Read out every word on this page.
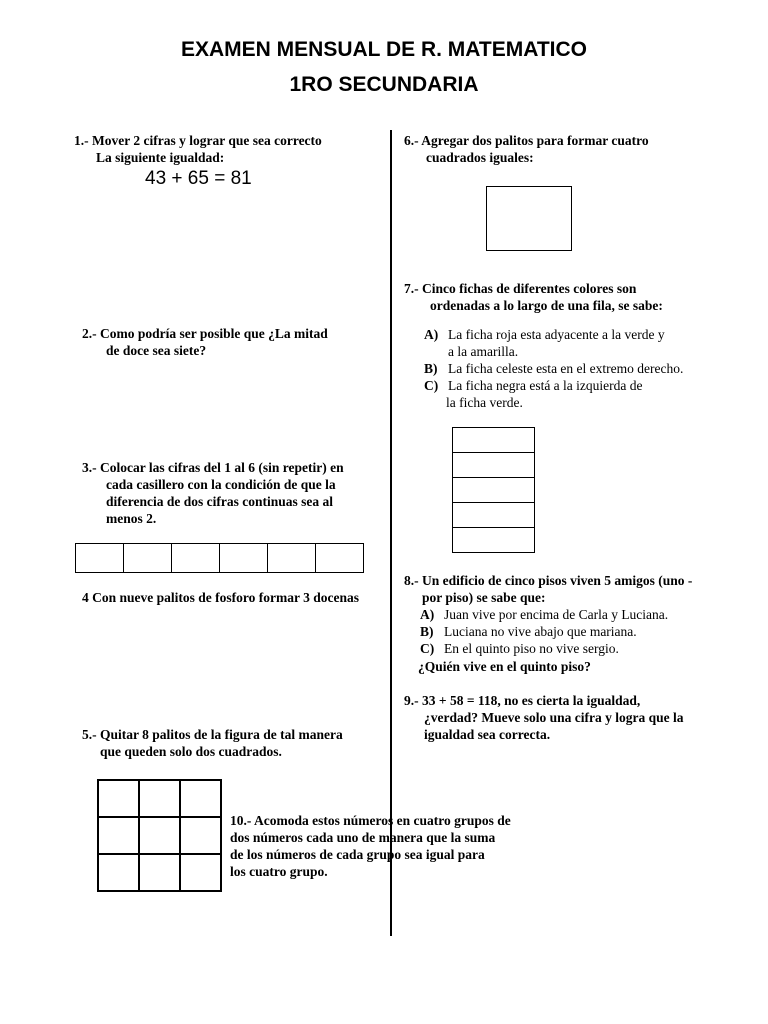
EXAMEN MENSUAL DE R. MATEMATICO
1RO SECUNDARIA
1.- Mover 2 cifras y lograr que sea correcto
La siguiente igualdad:
43 + 65 = 81
2.- Como podría ser posible que ¿La mitad
de doce sea siete?
3.- Colocar las cifras del 1 al 6 (sin repetir) en
cada casillero con la condición de que la
diferencia de dos cifras continuas sea al
menos 2.
4 Con nueve palitos de fosforo formar 3 docenas
5.- Quitar 8 palitos de la figura de tal manera
que queden solo dos cuadrados.
10.- Acomoda estos números en cuatro grupos de
dos números cada uno de manera que la suma
de los números de cada grupo sea igual para
los cuatro grupo.
6.- Agregar dos palitos para formar cuatro
cuadrados iguales:
7.- Cinco fichas de diferentes colores son
ordenadas a lo largo de una fila, se sabe:
A) La ficha roja esta adyacente a la verde y
a la amarilla.
B) La ficha celeste esta en el extremo derecho.
C) La ficha negra está a la izquierda de
la ficha verde.
8.- Un edificio de cinco pisos viven 5 amigos (uno -
por piso) se sabe que:
A) Juan vive por encima de Carla y Luciana.
B) Luciana no vive abajo que mariana.
C) En el quinto piso no vive sergio.
¿Quién vive en el quinto piso?
9.- 33 + 58 = 118, no es cierta la igualdad,
¿verdad? Mueve solo una cifra y logra que la
igualdad sea correcta.
